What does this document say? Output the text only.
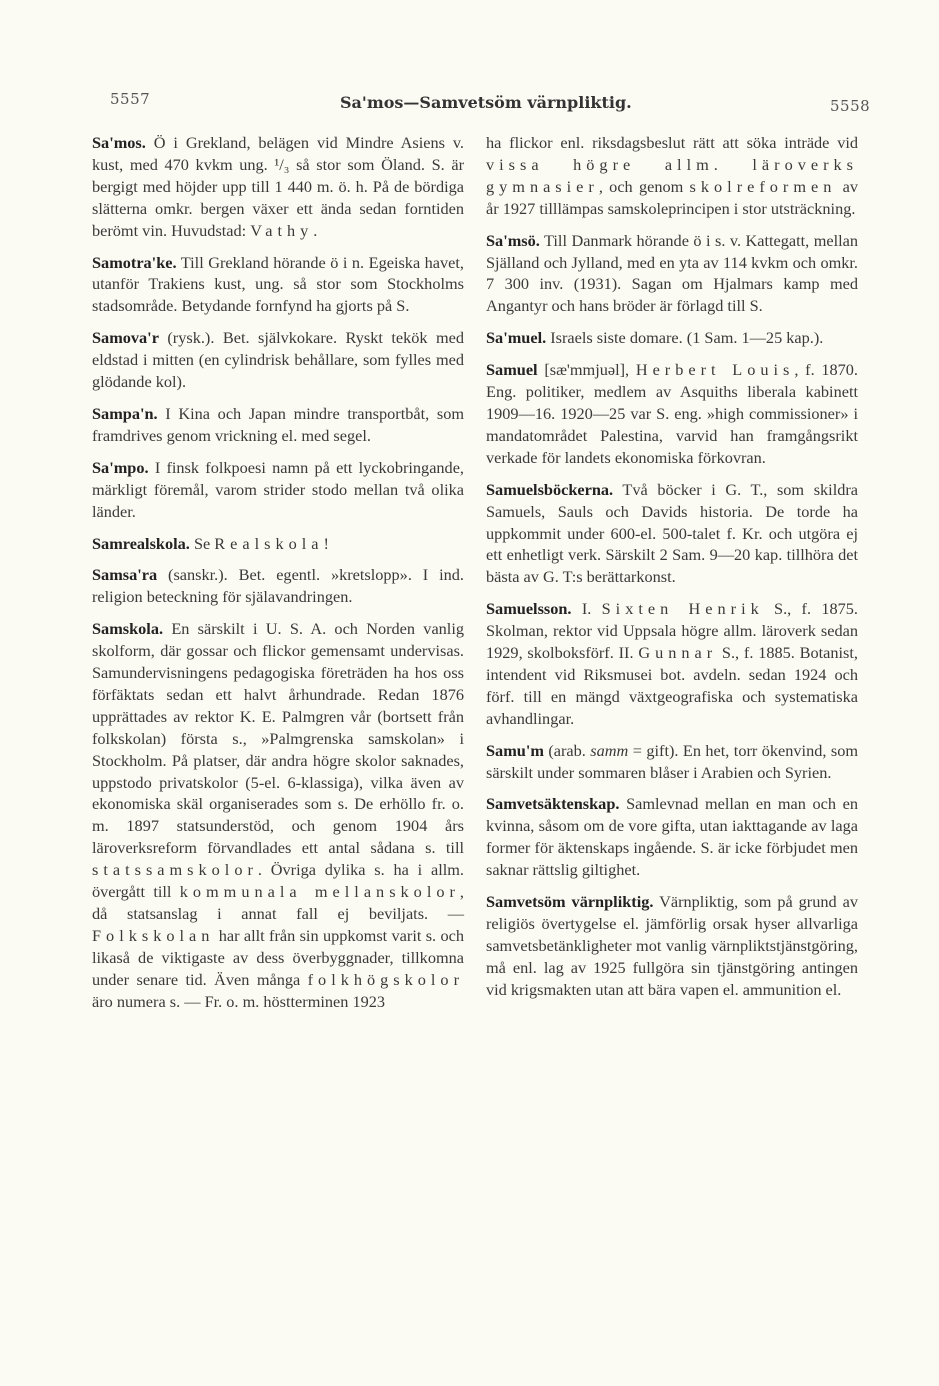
5557	Sa'mos—Samvetsöm värnpliktig.	5558

Sa'mos. Ö i Grekland, belägen vid Mindre Asiens v. kust, med 470 kvkm ung. ¹/₃ så stor som Öland. S. är bergigt med höjder upp till 1 440 m. ö. h. På de bördiga slätterna omkr. bergen växer ett ända sedan forntiden berömt vin. Huvudstad: Vathy.

Samotra'ke. Till Grekland hörande ö i n. Egeiska havet, utanför Trakiens kust, ung. så stor som Stockholms stadsområde. Betydande fornfynd ha gjorts på S.

Samova'r (rysk.). Bet. självkokare. Ryskt tekök med eldstad i mitten (en cylindrisk behållare, som fylles med glödande kol).

Sampa'n. I Kina och Japan mindre transportbåt, som framdrives genom vrickning el. med segel.

Sa'mpo. I finsk folkpoesi namn på ett lyckobringande, märkligt föremål, varom strider stodo mellan två olika länder.

Samrealskola. Se Realskola!

Samsa'ra (sanskr.). Bet. egentl. »kretslopp». I ind. religion beteckning för själavandringen.

Samskola. En särskilt i U. S. A. och Norden vanlig skolform, där gossar och flickor gemensamt undervisas. Samundervisningens pedagogiska företräden ha hos oss förfäktats sedan ett halvt århundrade. Redan 1876 upprättades av rektor K. E. Palmgren vår (bortsett från folkskolan) första s., »Palmgrenska samskolan» i Stockholm. På platser, där andra högre skolor saknades, uppstodo privatskolor (5-el. 6-klassiga), vilka även av ekonomiska skäl organiserades som s. De erhöllo fr. o. m. 1897 statsunderstöd, och genom 1904 års läroverksreform förvandlades ett antal sådana s. till statssamskolor. Övriga dylika s. ha i allm. övergått till kommunala mellanskolor, då statsanslag i annat fall ej beviljats. — Folkskolan har allt från sin uppkomst varit s. och likaså de viktigaste av dess överbyggnader, tillkomna under senare tid. Även många folkhögskolor äro numera s. — Fr. o. m. höstterminen 1923

ha flickor enl. riksdagsbeslut rätt att söka inträde vid vissa högre allm. läroverks gymnasier, och genom skolreformen av år 1927 tilllämpas samskoleprincipen i stor utsträckning.

Sa'msö. Till Danmark hörande ö i s. v. Kattegatt, mellan Själland och Jylland, med en yta av 114 kvkm och omkr. 7 300 inv. (1931). Sagan om Hjalmars kamp med Angantyr och hans bröder är förlagd till S.

Sa'muel. Israels siste domare. (1 Sam. 1—25 kap.).

Samuel [sæ'mmjuəl], Herbert Louis, f. 1870. Eng. politiker, medlem av Asquiths liberala kabinett 1909—16. 1920—25 var S. eng. »high commissioner» i mandatområdet Palestina, varvid han framgångsrikt verkade för landets ekonomiska förkovran.

Samuelsböckerna. Två böcker i G. T., som skildra Samuels, Sauls och Davids historia. De torde ha uppkommit under 600-el. 500-talet f. Kr. och utgöra ej ett enhetligt verk. Särskilt 2 Sam. 9—20 kap. tillhöra det bästa av G. T:s berättarkonst.

Samuelsson. I. Sixten Henrik S., f. 1875. Skolman, rektor vid Uppsala högre allm. läroverk sedan 1929, skolboksförf. II. Gunnar S., f. 1885. Botanist, intendent vid Riksmusei bot. avdeln. sedan 1924 och förf. till en mängd växtgeografiska och systematiska avhandlingar.

Samu'm (arab. samm = gift). En het, torr ökenvind, som särskilt under sommaren blåser i Arabien och Syrien.

Samvetsäktenskap. Samlevnad mellan en man och en kvinna, såsom om de vore gifta, utan iakttagande av laga former för äktenskaps ingående. S. är icke förbjudet men saknar rättslig giltighet.

Samvetsöm värnpliktig. Värnpliktig, som på grund av religiös övertygelse el. jämförlig orsak hyser allvarliga samvetsbetänkligheter mot vanlig värnpliktstjänstgöring, må enl. lag av 1925 fullgöra sin tjänstgöring antingen vid krigsmakten utan att bära vapen el. ammunition el.
